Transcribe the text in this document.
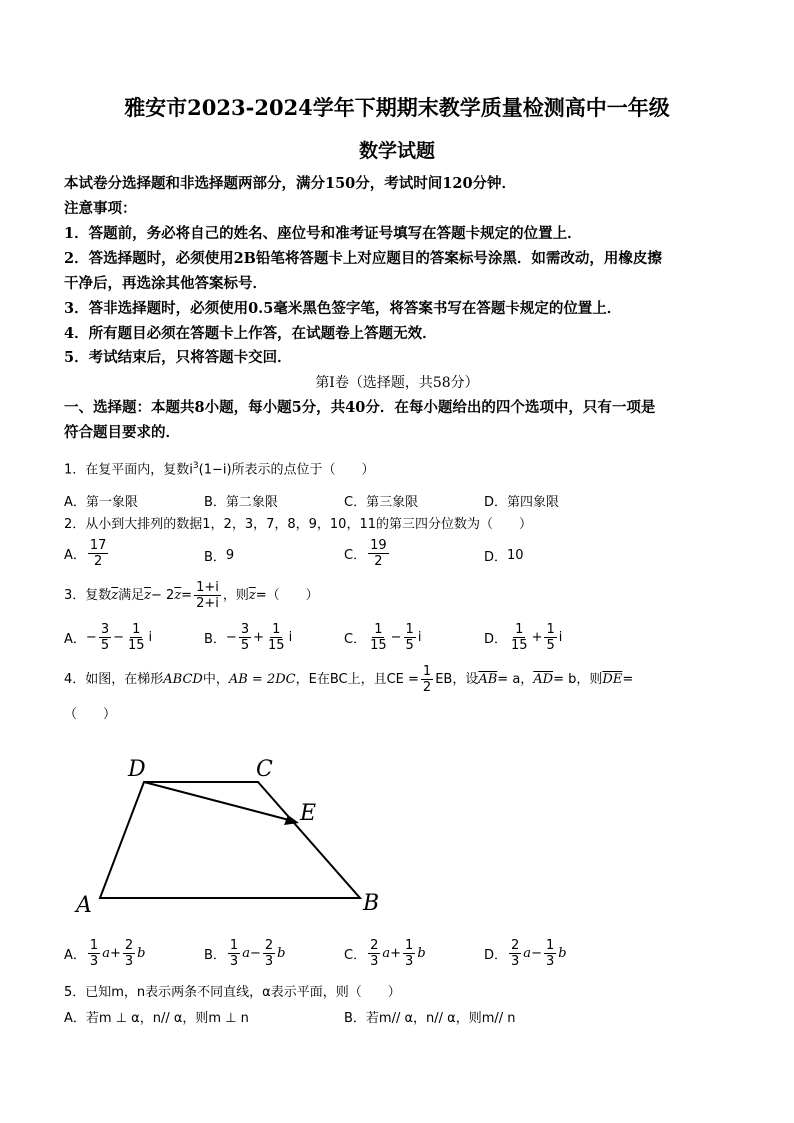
雅安市2023-2024学年下期期末教学质量检测高中一年级
数学试题
本试卷分选择题和非选择题两部分，满分150分，考试时间120分钟．
注意事项：
1．答题前，务必将自己的姓名、座位号和准考证号填写在答题卡规定的位置上．
2．答选择题时，必须使用2B铅笔将答题卡上对应题目的答案标号涂黑．如需改动，用橡皮擦
干净后，再选涂其他答案标号．
3．答非选择题时，必须使用0.5毫米黑色签字笔，将答案书写在答题卡规定的位置上．
4．所有题目必须在答题卡上作答，在试题卷上答题无效．
5．考试结束后，只将答题卡交回．
第Ⅰ卷（选择题，共58分）
一、选择题：本题共8小题，每小题5分，共40分．在每小题给出的四个选项中，只有一项是
符合题目要求的．
1．在复平面内，复数$i^3(1-i)$所表示的点位于（　　）
A．第一象限	B．第二象限	C．第三象限	D．第四象限
2．从小到大排列的数据1，2，3，7，8，9，10，11的第三四分位数为（　　）
A． $\frac{17}{2}$	B． 9	C． $\frac{19}{2}$	D． 10
3．复数 $\overline{z}$ 满足 $\overline{z} - 2$ $\overline{z} = \frac{1+i}{2+i}$ ，则 $\overline{z}$ =（　　）
A． − $\frac{3}{5} - \frac{1}{15}$ i	B． − $\frac{3}{5} + \frac{1}{15}$ i	C． $\frac{1}{15} - \frac{1}{5}$ i	D． $\frac{1}{15} + \frac{1}{5}$ i
4．如图，在梯形 ABCD 中， AB = 2DC ，E在BC上，且CE = $\frac{1}{2}$ EB，设 $\overline{AB} = a$， $\overline{AD} = b$，则 $\overline{DE}$ =
（　　）
D	C
E
A	B
A． $\frac{1}{3}$ $a + \frac{2}{3}$ b	B． $\frac{1}{3}$ $a - \frac{2}{3}$ b	C． $\frac{2}{3}$ $a + \frac{1}{3}$ b	D． $\frac{2}{3}$ $a - \frac{1}{3}$ b
5．已知m，n表示两条不同直线，α表示平面，则（　　）
A．若m ⊥ α，n// α，则m ⊥ n	B．若m// α，n// α，则m// n
